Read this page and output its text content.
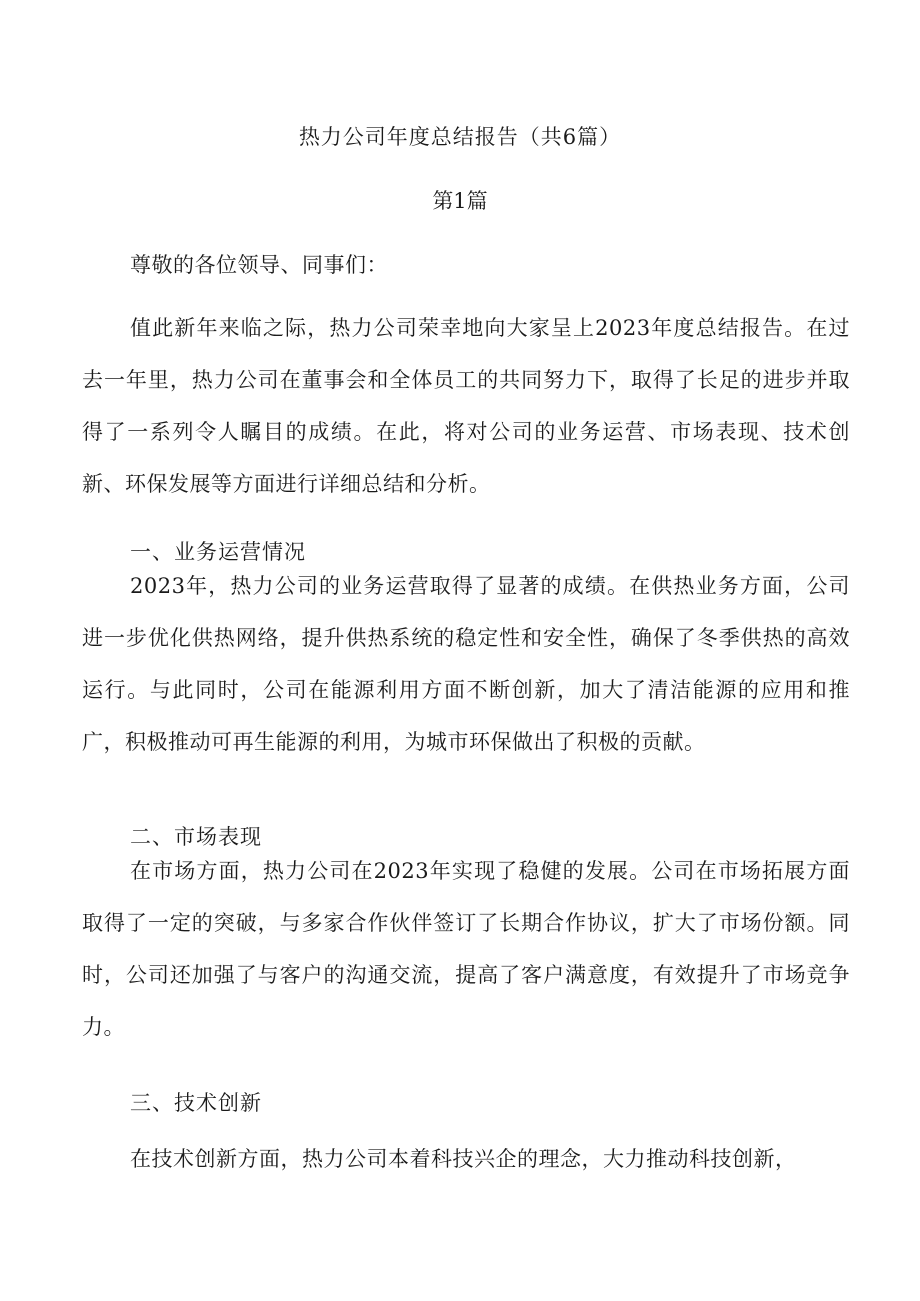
热力公司年度总结报告（共6篇）
第1篇

尊敬的各位领导、同事们：

值此新年来临之际，热力公司荣幸地向大家呈上2023年度总结报告。在过去一年里，热力公司在董事会和全体员工的共同努力下，取得了长足的进步并取得了一系列令人瞩目的成绩。在此，将对公司的业务运营、市场表现、技术创新、环保发展等方面进行详细总结和分析。

一、业务运营情况

2023年，热力公司的业务运营取得了显著的成绩。在供热业务方面，公司进一步优化供热网络，提升供热系统的稳定性和安全性，确保了冬季供热的高效运行。与此同时，公司在能源利用方面不断创新，加大了清洁能源的应用和推广，积极推动可再生能源的利用，为城市环保做出了积极的贡献。

二、市场表现

在市场方面，热力公司在2023年实现了稳健的发展。公司在市场拓展方面取得了一定的突破，与多家合作伙伴签订了长期合作协议，扩大了市场份额。同时，公司还加强了与客户的沟通交流，提高了客户满意度，有效提升了市场竞争力。

三、技术创新

在技术创新方面，热力公司本着科技兴企的理念，大力推动科技创新，
